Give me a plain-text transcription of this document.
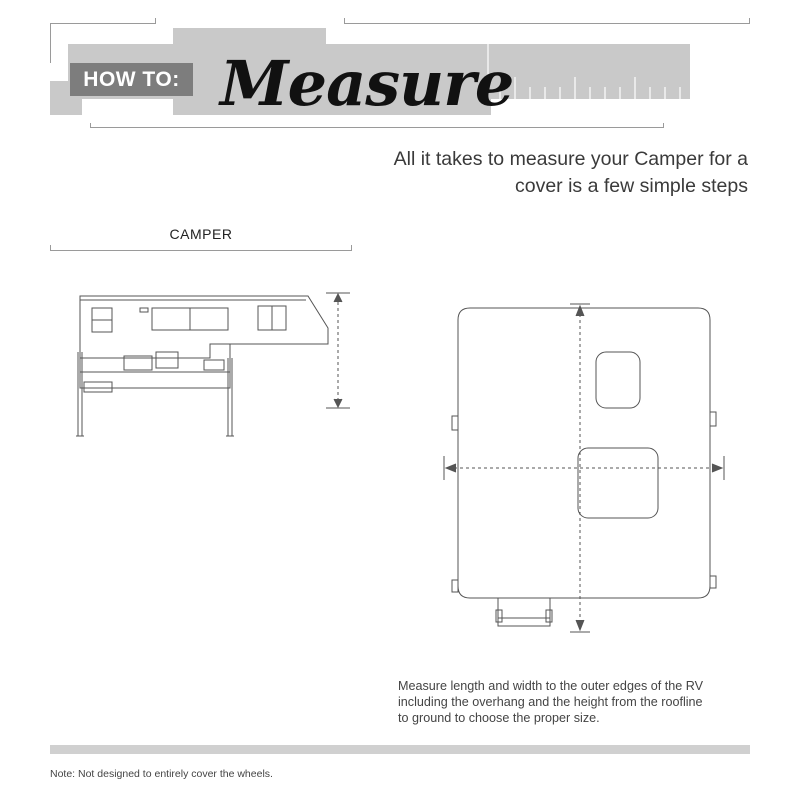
HOW TO: Measure
All it takes to measure your Camper for a
cover is a few simple steps
CAMPER
Measure length and width to the outer edges of the RV
including the overhang and the height from the roofline
to ground to choose the proper size.
Note: Not designed to entirely cover the wheels.
